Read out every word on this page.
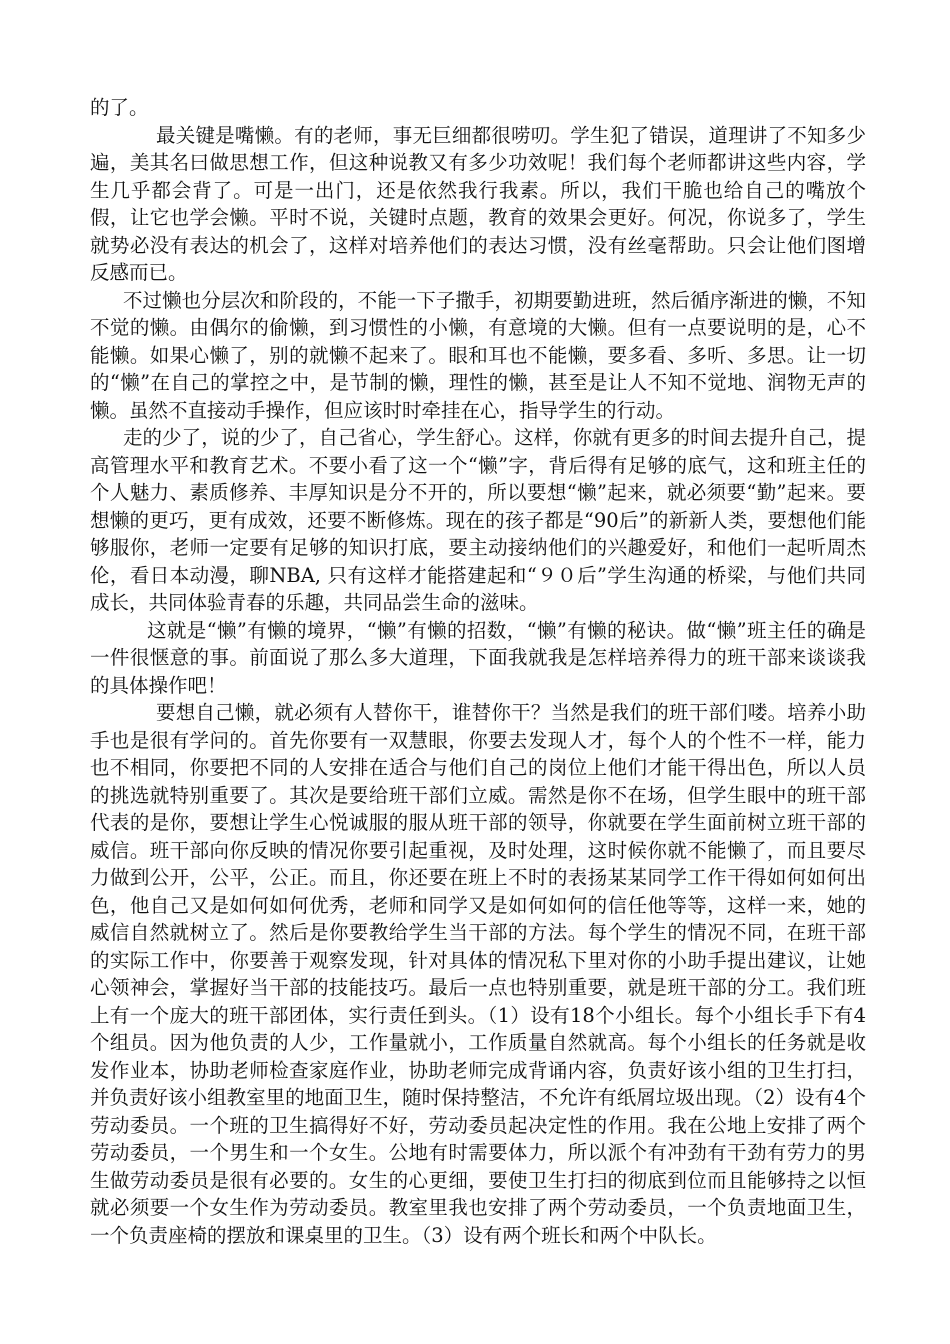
的了。

最关键是嘴懒。有的老师，事无巨细都很唠叨。学生犯了错误，道理讲了不知多少遍，美其名曰做思想工作，但这种说教又有多少功效呢！我们每个老师都讲这些内容，学生几乎都会背了。可是一出门，还是依然我行我素。所以，我们干脆也给自己的嘴放个假，让它也学会懒。平时不说，关键时点题，教育的效果会更好。何况，你说多了，学生就势必没有表达的机会了，这样对培养他们的表达习惯，没有丝毫帮助。只会让他们图增反感而已。

不过懒也分层次和阶段的，不能一下子撒手，初期要勤进班，然后循序渐进的懒，不知不觉的懒。由偶尔的偷懒，到习惯性的小懒，有意境的大懒。但有一点要说明的是，心不能懒。如果心懒了，别的就懒不起来了。眼和耳也不能懒，要多看、多听、多思。让一切的“懒”在自己的掌控之中，是节制的懒，理性的懒，甚至是让人不知不觉地、润物无声的懒。虽然不直接动手操作，但应该时时牵挂在心，指导学生的行动。

走的少了，说的少了，自己省心，学生舒心。这样，你就有更多的时间去提升自己，提高管理水平和教育艺术。不要小看了这一个“懒”字，背后得有足够的底气，这和班主任的个人魅力、素质修养、丰厚知识是分不开的，所以要想“懒”起来，就必须要“勤”起来。要想懒的更巧，更有成效，还要不断修炼。现在的孩子都是“90后”的新新人类，要想他们能够服你，老师一定要有足够的知识打底，要主动接纳他们的兴趣爱好，和他们一起听周杰伦，看日本动漫，聊NBA, 只有这样才能搭建起和“９０后”学生沟通的桥梁，与他们共同成长，共同体验青春的乐趣，共同品尝生命的滋味。

这就是“懒”有懒的境界，“懒”有懒的招数，“懒”有懒的秘诀。做“懒”班主任的确是一件很惬意的事。前面说了那么多大道理，下面我就我是怎样培养得力的班干部来谈谈我的具体操作吧！

要想自己懒，就必须有人替你干，谁替你干？当然是我们的班干部们喽。培养小助手也是很有学问的。首先你要有一双慧眼，你要去发现人才，每个人的个性不一样，能力也不相同，你要把不同的人安排在适合与他们自己的岗位上他们才能干得出色，所以人员的挑选就特别重要了。其次是要给班干部们立威。需然是你不在场，但学生眼中的班干部代表的是你，要想让学生心悦诚服的服从班干部的领导，你就要在学生面前树立班干部的威信。班干部向你反映的情况你要引起重视，及时处理，这时候你就不能懒了，而且要尽力做到公开，公平，公正。而且，你还要在班上不时的表扬某某同学工作干得如何如何出色，他自己又是如何如何优秀，老师和同学又是如何如何的信任他等等，这样一来，她的威信自然就树立了。然后是你要教给学生当干部的方法。每个学生的情况不同，在班干部的实际工作中，你要善于观察发现，针对具体的情况私下里对你的小助手提出建议，让她心领神会，掌握好当干部的技能技巧。最后一点也特别重要，就是班干部的分工。我们班上有一个庞大的班干部团体，实行责任到头。（1）设有18个小组长。每个小组长手下有4个组员。因为他负责的人少，工作量就小，工作质量自然就高。每个小组长的任务就是收发作业本，协助老师检查家庭作业，协助老师完成背诵内容，负责好该小组的卫生打扫，并负责好该小组教室里的地面卫生，随时保持整洁，不允许有纸屑垃圾出现。（2）设有4个劳动委员。一个班的卫生搞得好不好，劳动委员起决定性的作用。我在公地上安排了两个劳动委员，一个男生和一个女生。公地有时需要体力，所以派个有冲劲有干劲有劳力的男生做劳动委员是很有必要的。女生的心更细，要使卫生打扫的彻底到位而且能够持之以恒就必须要一个女生作为劳动委员。教室里我也安排了两个劳动委员，一个负责地面卫生，一个负责座椅的摆放和课桌里的卫生。（3）设有两个班长和两个中队长。
